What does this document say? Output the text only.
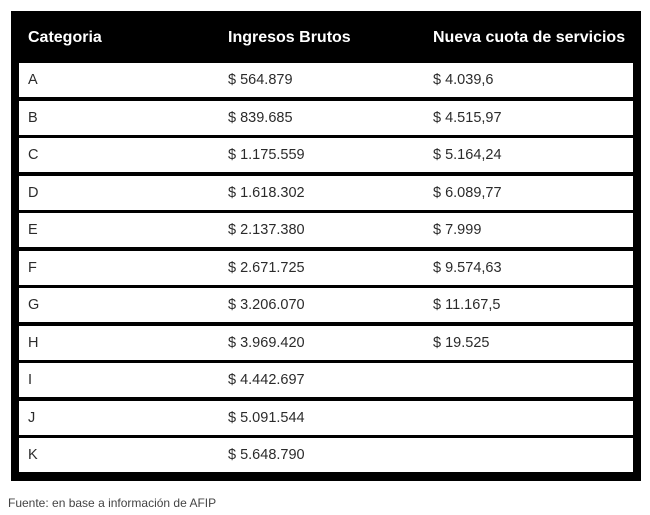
Categoria	Ingresos Brutos	Nueva cuota de servicios
A	$ 564.879	$ 4.039,6
B	$ 839.685	$ 4.515,97
C	$ 1.175.559	$ 5.164,24
D	$ 1.618.302	$ 6.089,77
E	$ 2.137.380	$ 7.999
F	$ 2.671.725	$ 9.574,63
G	$ 3.206.070	$ 11.167,5
H	$ 3.969.420	$ 19.525
I	$ 4.442.697
J	$ 5.091.544
K	$ 5.648.790
Fuente: en base a información de AFIP
